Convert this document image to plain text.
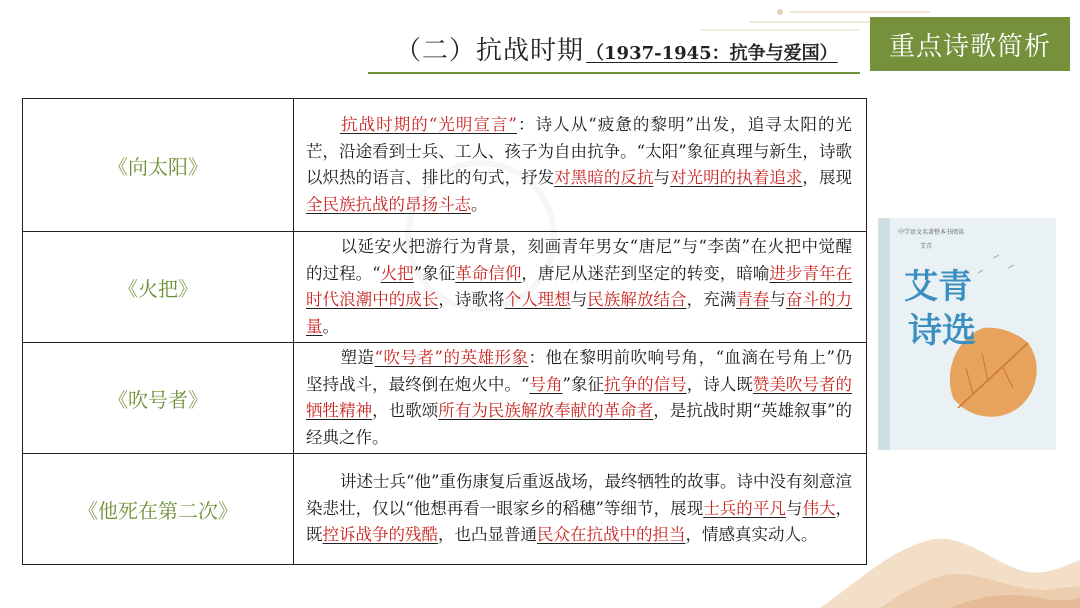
（二）抗战时期 （1937-1945：抗争与爱国）	重点诗歌简析
《向太阳》	抗战时期的“光明宣言”：诗人从“疲惫的黎明”出发，追寻太阳的光芒，沿途看到士兵、工人、孩子为自由抗争。“太阳”象征真理与新生，诗歌以炽热的语言、排比的句式，抒发对黑暗的反抗与对光明的执着追求，展现全民族抗战的昂扬斗志。
《火把》	以延安火把游行为背景，刻画青年男女“唐尼”与“李茵”在火把中觉醒的过程。“火把”象征革命信仰，唐尼从迷茫到坚定的转变，暗喻进步青年在时代浪潮中的成长，诗歌将个人理想与民族解放结合，充满青春与奋斗的力量。
《吹号者》	塑造“吹号者”的英雄形象：他在黎明前吹响号角，“血滴在号角上”仍坚持战斗，最终倒在炮火中。“号角”象征抗争的信号，诗人既赞美吹号者的牺牲精神，也歌颂所有为民族解放奉献的革命者，是抗战时期“英雄叙事”的经典之作。
《他死在第二次》	讲述士兵“他”重伤康复后重返战场，最终牺牲的故事。诗中没有刻意渲染悲壮，仅以“他想再看一眼家乡的稻穗”等细节，展现士兵的平凡与伟大，既控诉战争的残酷，也凸显普通民众在抗战中的担当，情感真实动人。
中学语文名著整本书阅读
艾青
艾青
诗选
